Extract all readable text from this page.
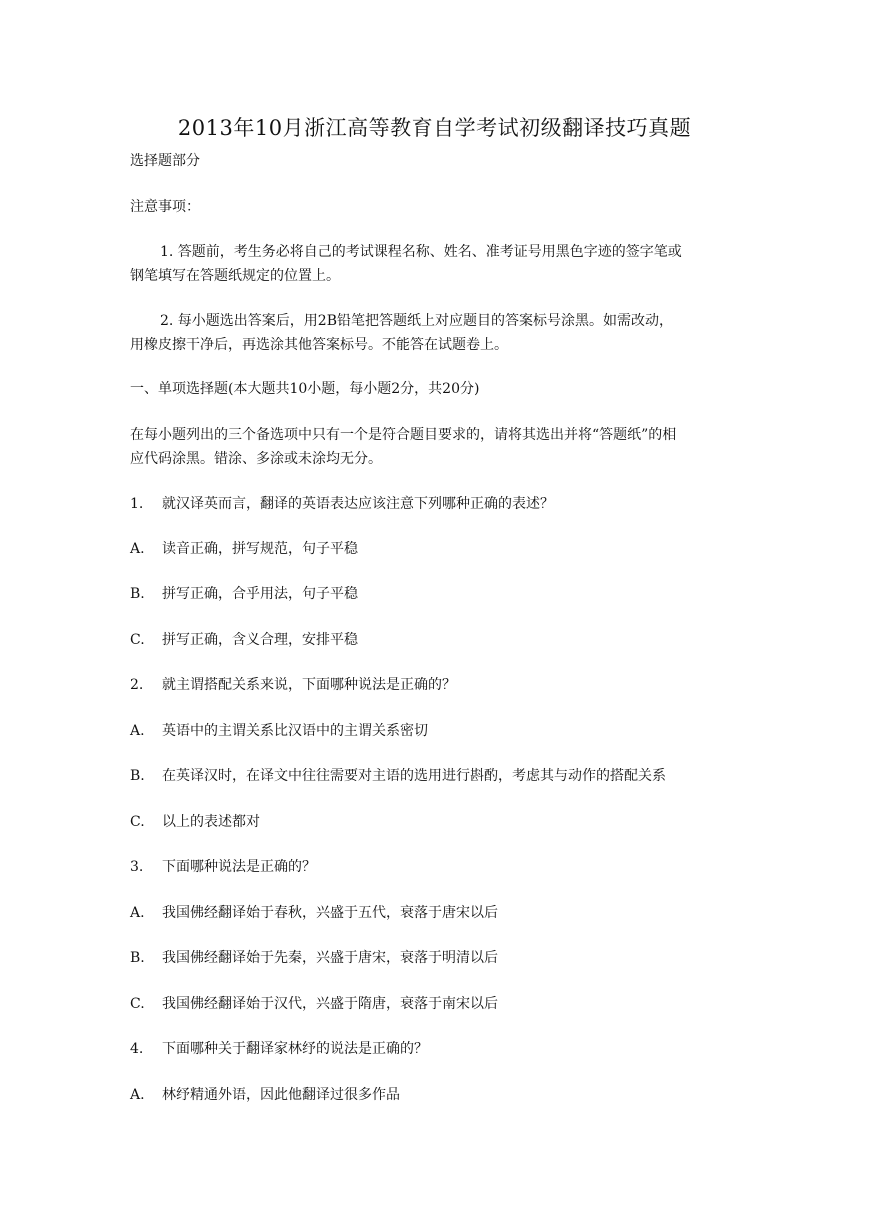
2013年10月浙江高等教育自学考试初级翻译技巧真题
选择题部分
注意事项：
1. 答题前，考生务必将自己的考试课程名称、姓名、准考证号用黑色字迹的签字笔或
钢笔填写在答题纸规定的位置上。
2. 每小题选出答案后，用2B铅笔把答题纸上对应题目的答案标号涂黑。如需改动，
用橡皮擦干净后，再选涂其他答案标号。不能答在试题卷上。
一、单项选择题(本大题共10小题，每小题2分，共20分)
在每小题列出的三个备选项中只有一个是符合题目要求的，请将其选出并将“答题纸”的相
应代码涂黑。错涂、多涂或未涂均无分。
1. 就汉译英而言，翻译的英语表达应该注意下列哪种正确的表述？
A. 读音正确，拼写规范，句子平稳
B. 拼写正确，合乎用法，句子平稳
C. 拼写正确，含义合理，安排平稳
2. 就主谓搭配关系来说，下面哪种说法是正确的？
A. 英语中的主谓关系比汉语中的主谓关系密切
B. 在英译汉时，在译文中往往需要对主语的选用进行斟酌，考虑其与动作的搭配关系
C. 以上的表述都对
3. 下面哪种说法是正确的？
A. 我国佛经翻译始于春秋，兴盛于五代，衰落于唐宋以后
B. 我国佛经翻译始于先秦，兴盛于唐宋，衰落于明清以后
C. 我国佛经翻译始于汉代，兴盛于隋唐，衰落于南宋以后
4. 下面哪种关于翻译家林纾的说法是正确的？
A. 林纾精通外语，因此他翻译过很多作品
